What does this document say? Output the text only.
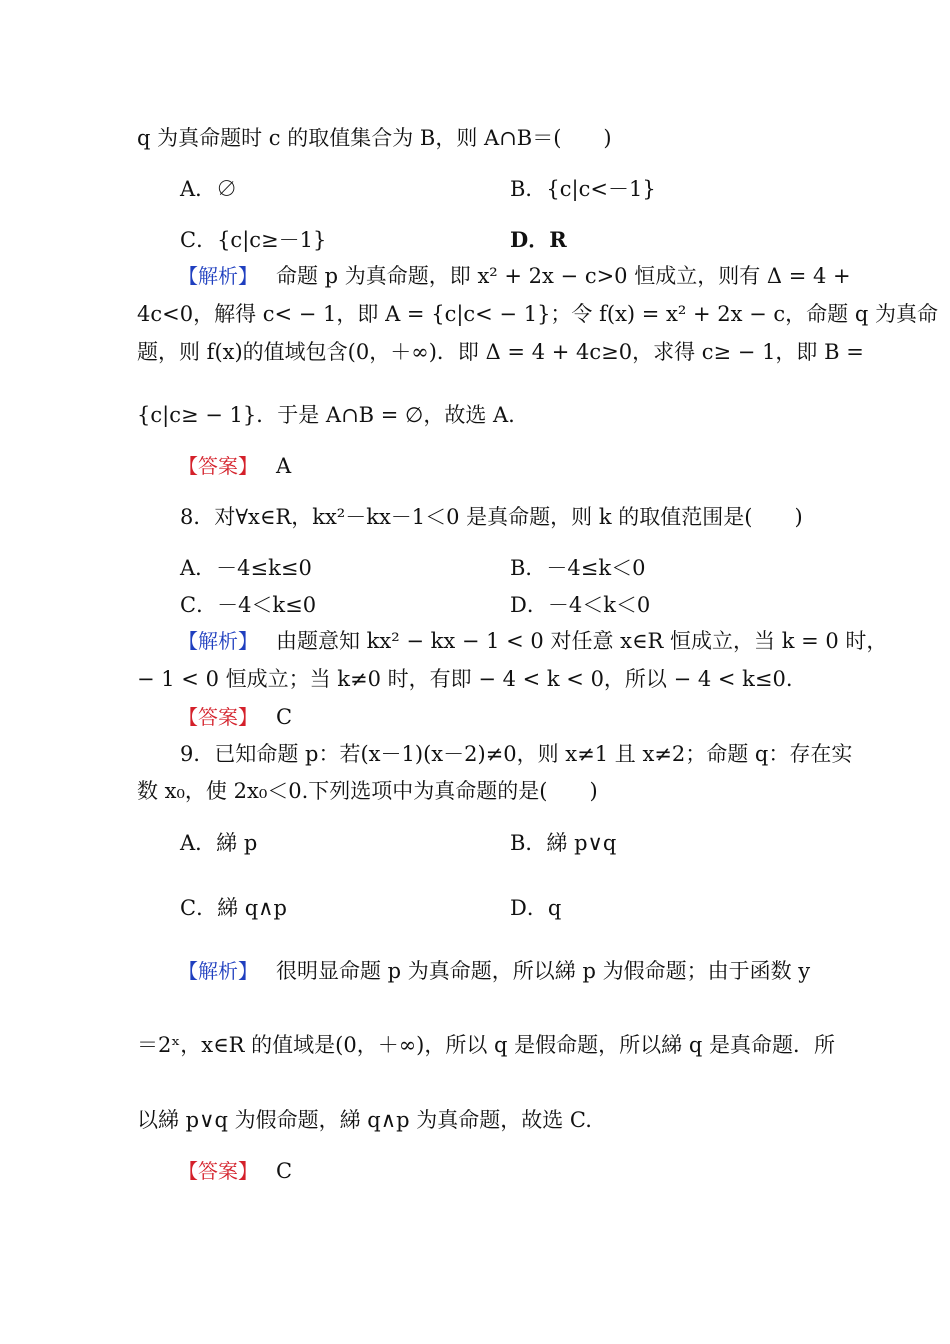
q 为真命题时 c 的取值集合为 B，则 A∩B＝(　　)
A．∅	B．{c|c<－1}
C．{c|c≥－1}	D．R
【解析】 命题 p 为真命题，即 x² + 2x − c>0 恒成立，则有 Δ = 4 +
4c<0，解得 c< − 1，即 A = {c|c< − 1}；令 f(x) = x² + 2x − c，命题 q 为真命
题，则 f(x)的值域包含(0，＋∞)．即 Δ = 4 + 4c≥0，求得 c≥ − 1，即 B =
{c|c≥ − 1}．于是 A∩B = ∅，故选 A.
【答案】 A
8．对∀x∈R，kx²－kx－1＜0 是真命题，则 k 的取值范围是(　　)
A．－4≤k≤0	B．－4≤k＜0
C．－4＜k≤0	D．－4＜k＜0
【解析】 由题意知 kx² − kx − 1 < 0 对任意 x∈R 恒成立，当 k = 0 时，
− 1 < 0 恒成立；当 k≠0 时，有即 − 4 < k < 0，所以 − 4 < k≤0.
【答案】 C
9．已知命题 p：若(x－1)(x－2)≠0，则 x≠1 且 x≠2；命题 q：存在实
数 x₀，使 2x₀＜0.下列选项中为真命题的是(　　)
A．綈 p	B．綈 p∨q
C．綈 q∧p	D．q
【解析】 很明显命题 p 为真命题，所以綈 p 为假命题；由于函数 y
＝2ˣ，x∈R 的值域是(0，＋∞)，所以 q 是假命题，所以綈 q 是真命题．所
以綈 p∨q 为假命题，綈 q∧p 为真命题，故选 C.
【答案】 C
